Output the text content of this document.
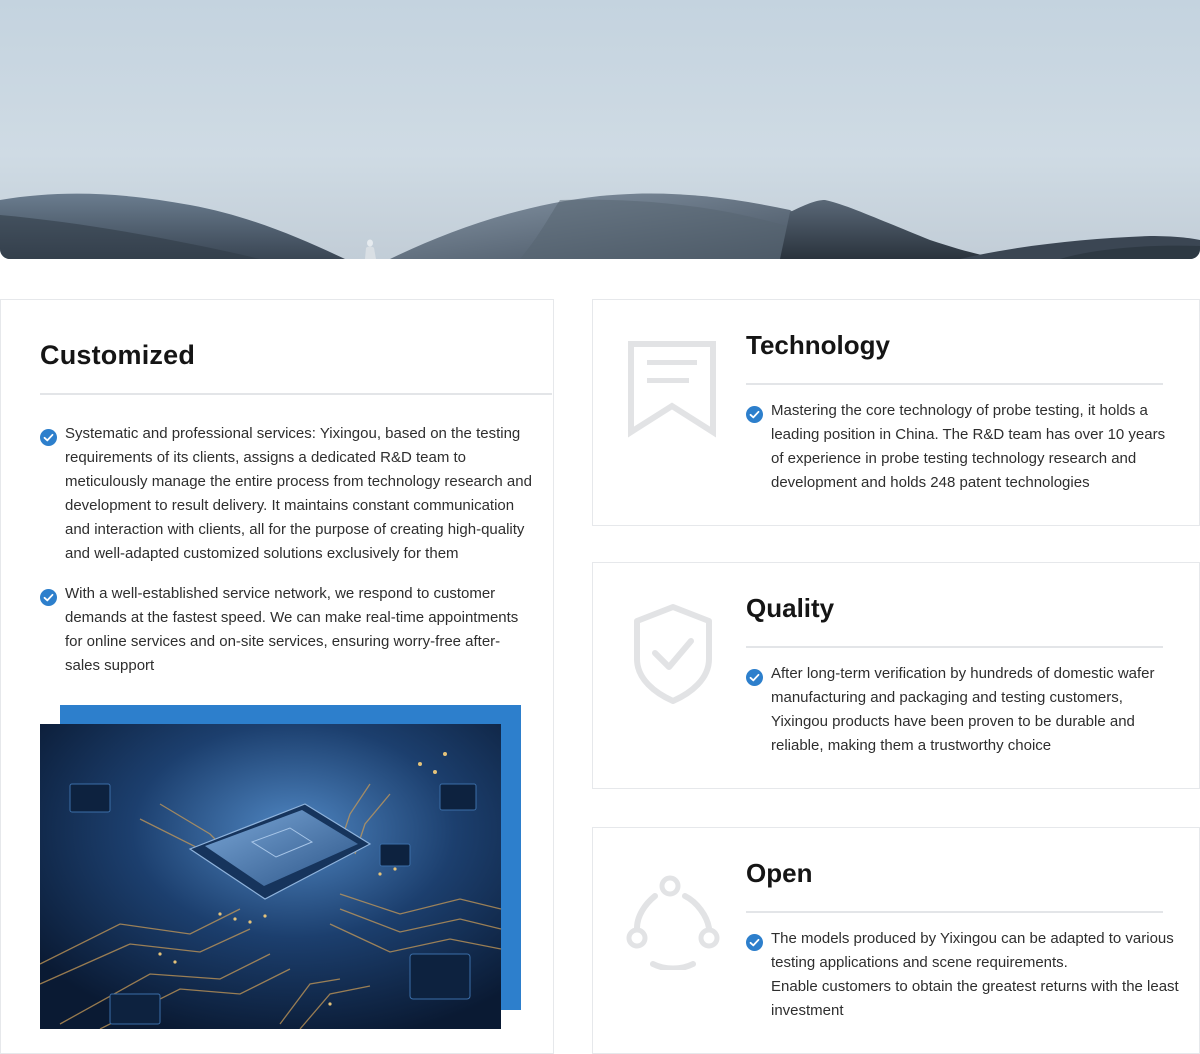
Customized
Systematic and professional services: Yixingou, based on the testing requirements of its clients, assigns a dedicated R&D team to meticulously manage the entire process from technology research and development to result delivery. It maintains constant communication and interaction with clients, all for the purpose of creating high-quality and well-adapted customized solutions exclusively for them
With a well-established service network, we respond to customer demands at the fastest speed. We can make real-time appointments for online services and on-site services, ensuring worry-free after-sales support
Technology
Mastering the core technology of probe testing, it holds a leading position in China. The R&D team has over 10 years of experience in probe testing technology research and development and holds 248 patent technologies
Quality
After long-term verification by hundreds of domestic wafer manufacturing and packaging and testing customers, Yixingou products have been proven to be durable and reliable, making them a trustworthy choice
Open
The models produced by Yixingou can be adapted to various testing applications and scene requirements.
Enable customers to obtain the greatest returns with the least investment
